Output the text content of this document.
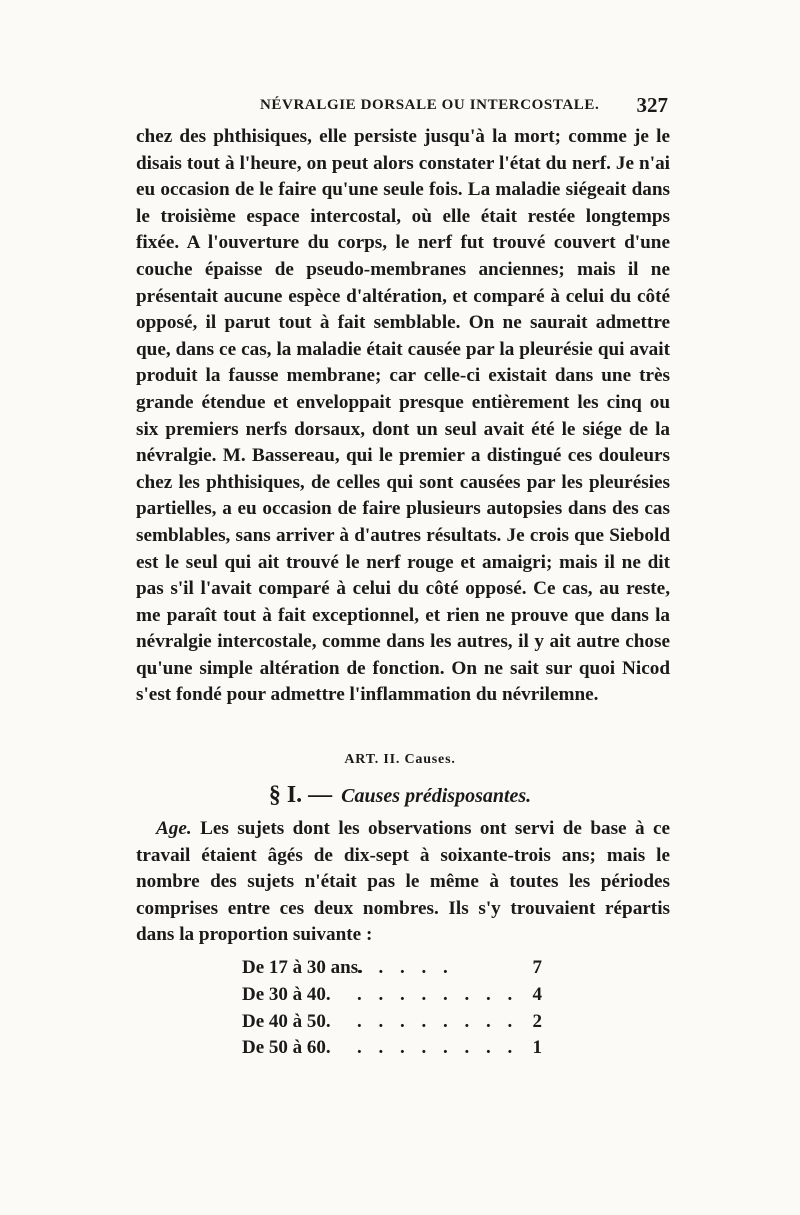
NÉVRALGIE DORSALE OU INTERCOSTALE. 327

chez des phthisiques, elle persiste jusqu'à la mort; comme je le disais tout à l'heure, on peut alors constater l'état du nerf. Je n'ai eu occasion de le faire qu'une seule fois. La maladie siégeait dans le troisième espace intercostal, où elle était restée longtemps fixée. A l'ouverture du corps, le nerf fut trouvé couvert d'une couche épaisse de pseudo-membranes anciennes; mais il ne présentait aucune espèce d'altération, et comparé à celui du côté opposé, il parut tout à fait semblable. On ne saurait admettre que, dans ce cas, la maladie était causée par la pleurésie qui avait produit la fausse membrane; car celle-ci existait dans une très grande étendue et enveloppait presque entièrement les cinq ou six premiers nerfs dorsaux, dont un seul avait été le siége de la névralgie. M. Bassereau, qui le premier a distingué ces douleurs chez les phthisiques, de celles qui sont causées par les pleurésies partielles, a eu occasion de faire plusieurs autopsies dans des cas semblables, sans arriver à d'autres résultats. Je crois que Siebold est le seul qui ait trouvé le nerf rouge et amaigri; mais il ne dit pas s'il l'avait comparé à celui du côté opposé. Ce cas, au reste, me paraît tout à fait exceptionnel, et rien ne prouve que dans la névralgie intercostale, comme dans les autres, il y ait autre chose qu'une simple altération de fonction. On ne sait sur quoi Nicod s'est fondé pour admettre l'inflammation du névrilemne.

ART. II. Causes.
§ I. — Causes prédisposantes.

Age. Les sujets dont les observations ont servi de base à ce travail étaient âgés de dix-sept à soixante-trois ans; mais le nombre des sujets n'était pas le même à toutes les périodes comprises entre ces deux nombres. Ils s'y trouvaient répartis dans la proportion suivante :

De 17 à 30 ans.
. . . . .	7
De 30 à 40. . . . . . . . . 4
De 40 à 50. . . . . . . . . 2
De 50 à 60. . . . . . . . . 1
